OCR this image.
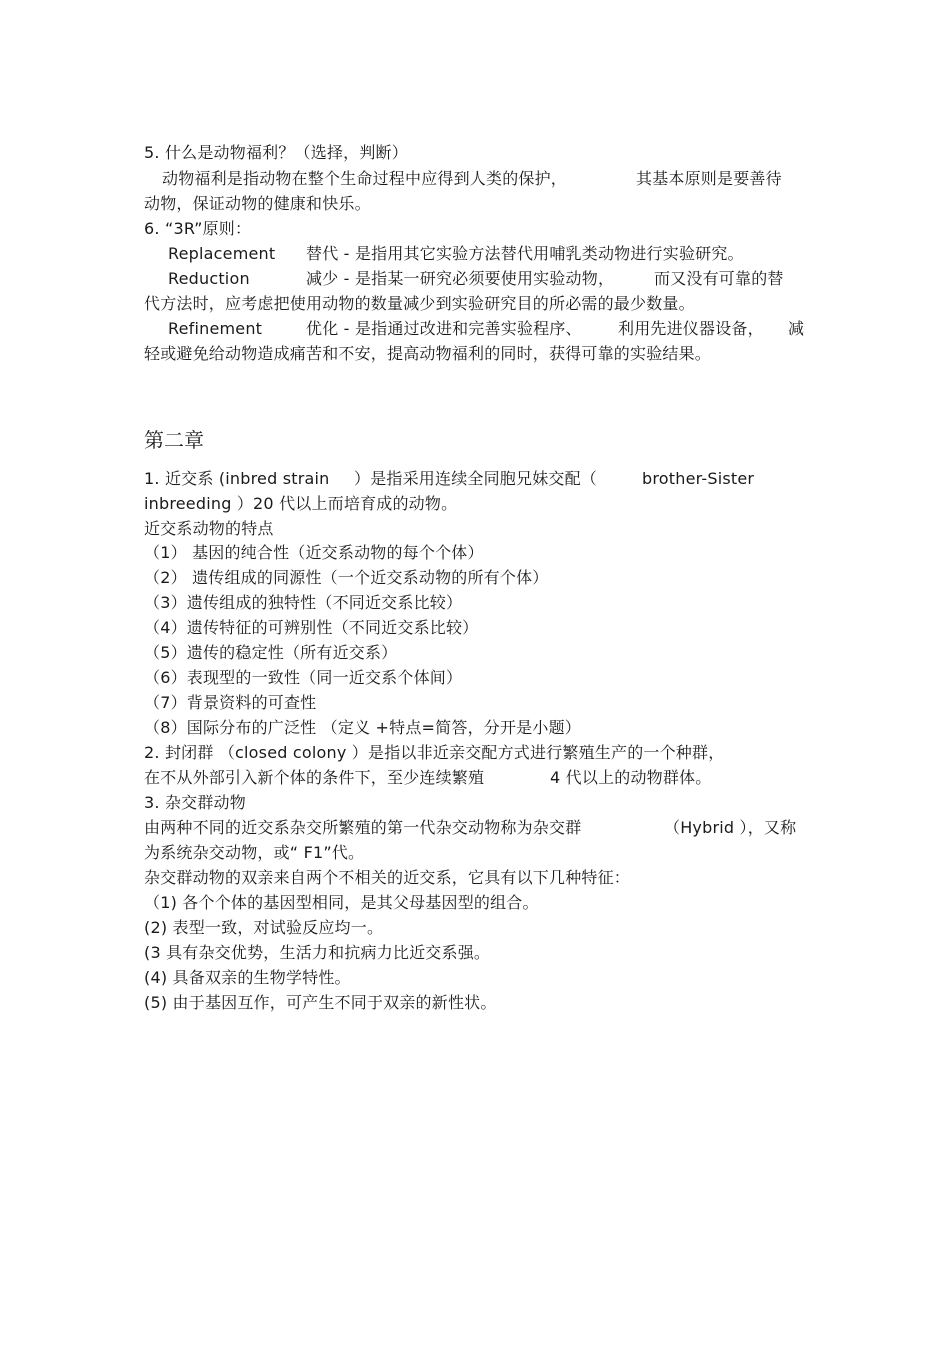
5. 什么是动物福利？（选择，判断）
动物福利是指动物在整个生命过程中应得到人类的保护，	其基本原则是要善待
动物，保证动物的健康和快乐。
6. “3R”原则：
Replacement 替代 - 是指用其它实验方法替代用哺乳类动物进行实验研究。
Reduction	减少 - 是指某一研究必须要使用实验动物， 而又没有可靠的替
代方法时，应考虑把使用动物的数量减少到实验研究目的所必需的最少数量。
Refinement	优化 - 是指通过改进和完善实验程序、 利用先进仪器设备， 减
轻或避免给动物造成痛苦和不安，提高动物福利的同时，获得可靠的实验结果。
第二章
1. 近交系 (inbred strain ）是指采用连续全同胞兄妹交配（	brother-Sister
inbreeding ）20 代以上而培育成的动物。
近交系动物的特点
（1） 基因的纯合性（近交系动物的每个个体）
（2） 遗传组成的同源性（一个近交系动物的所有个体）
（3）遗传组成的独特性（不同近交系比较）
（4）遗传特征的可辨别性（不同近交系比较）
（5）遗传的稳定性（所有近交系）
（6）表现型的一致性（同一近交系个体间）
（7）背景资料的可查性
（8）国际分布的广泛性 （定义 +特点=简答，分开是小题）
2. 封闭群 （closed colony ）是指以非近亲交配方式进行繁殖生产的一个种群，
在不从外部引入新个体的条件下，至少连续繁殖	4 代以上的动物群体。
3. 杂交群动物
由两种不同的近交系杂交所繁殖的第一代杂交动物称为杂交群	（Hybrid ），又称
为系统杂交动物，或“ F1”代。
杂交群动物的双亲来自两个不相关的近交系，它具有以下几种特征：
（1) 各个个体的基因型相同，是其父母基因型的组合。
(2) 表型一致，对试验反应均一。
(3 具有杂交优势，生活力和抗病力比近交系强。
(4) 具备双亲的生物学特性。
(5) 由于基因互作，可产生不同于双亲的新性状。
